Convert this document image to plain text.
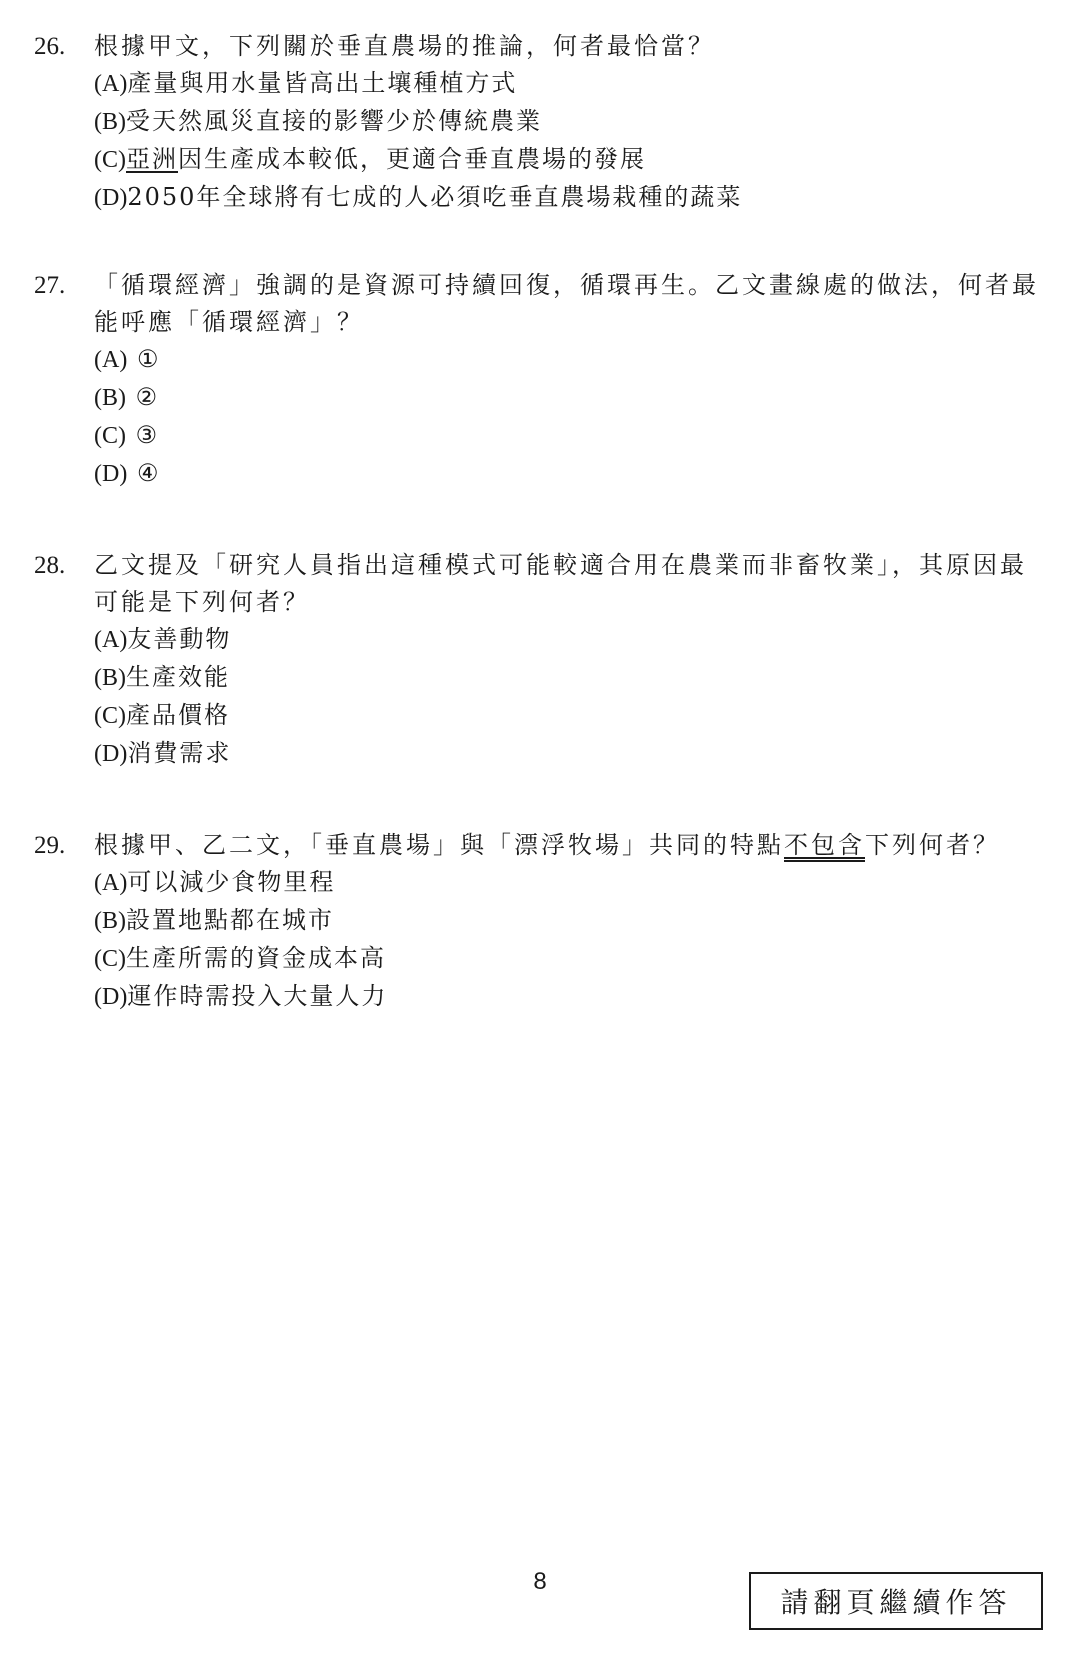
26. 根據甲文，下列關於垂直農場的推論，何者最恰當？
(A)產量與用水量皆高出土壤種植方式
(B)受天然風災直接的影響少於傳統農業
(C)亞洲因生產成本較低，更適合垂直農場的發展
(D)2050年全球將有七成的人必須吃垂直農場栽種的蔬菜
27. 「循環經濟」強調的是資源可持續回復，循環再生。乙文畫線處的做法，何者最能呼應「循環經濟」？
(A) ①
(B) ②
(C) ③
(D) ④
28. 乙文提及「研究人員指出這種模式可能較適合用在農業而非畜牧業」，其原因最可能是下列何者？
(A)友善動物
(B)生產效能
(C)產品價格
(D)消費需求
29. 根據甲、乙二文，「垂直農場」與「漂浮牧場」共同的特點不包含下列何者？
(A)可以減少食物里程
(B)設置地點都在城市
(C)生產所需的資金成本高
(D)運作時需投入大量人力
8
請翻頁繼續作答
